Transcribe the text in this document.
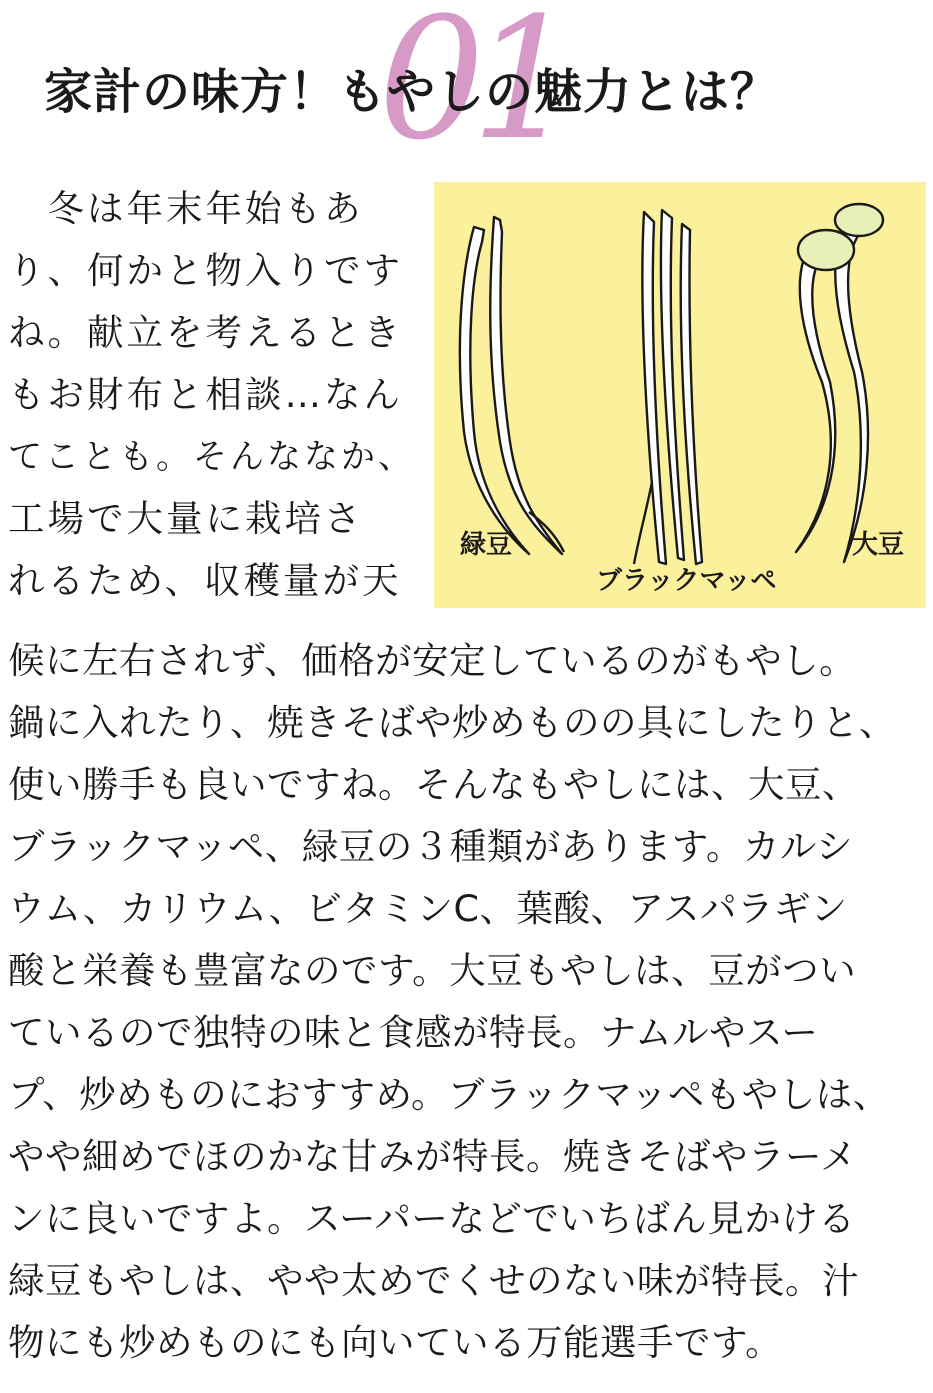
01
家計の味方！もやしの魅力とは？
緑豆
ブラックマッペ
大豆
　冬は年末年始もあ
り、何かと物入りです
ね。献立を考えるとき
もお財布と相談…なん
てことも。そんななか、
工場で大量に栽培さ
れるため、収穫量が天
候に左右されず、価格が安定しているのがもやし。
鍋に入れたり、焼きそばや炒めものの具にしたりと、
使い勝手も良いですね。そんなもやしには、大豆、
ブラックマッペ、緑豆の３種類があります。カルシ
ウム、カリウム、ビタミンC、葉酸、アスパラギン
酸と栄養も豊富なのです。大豆もやしは、豆がつい
ているので独特の味と食感が特長。ナムルやスー
プ、炒めものにおすすめ。ブラックマッペもやしは、
やや細めでほのかな甘みが特長。焼きそばやラーメ
ンに良いですよ。スーパーなどでいちばん見かける
緑豆もやしは、やや太めでくせのない味が特長。汁
物にも炒めものにも向いている万能選手です。
